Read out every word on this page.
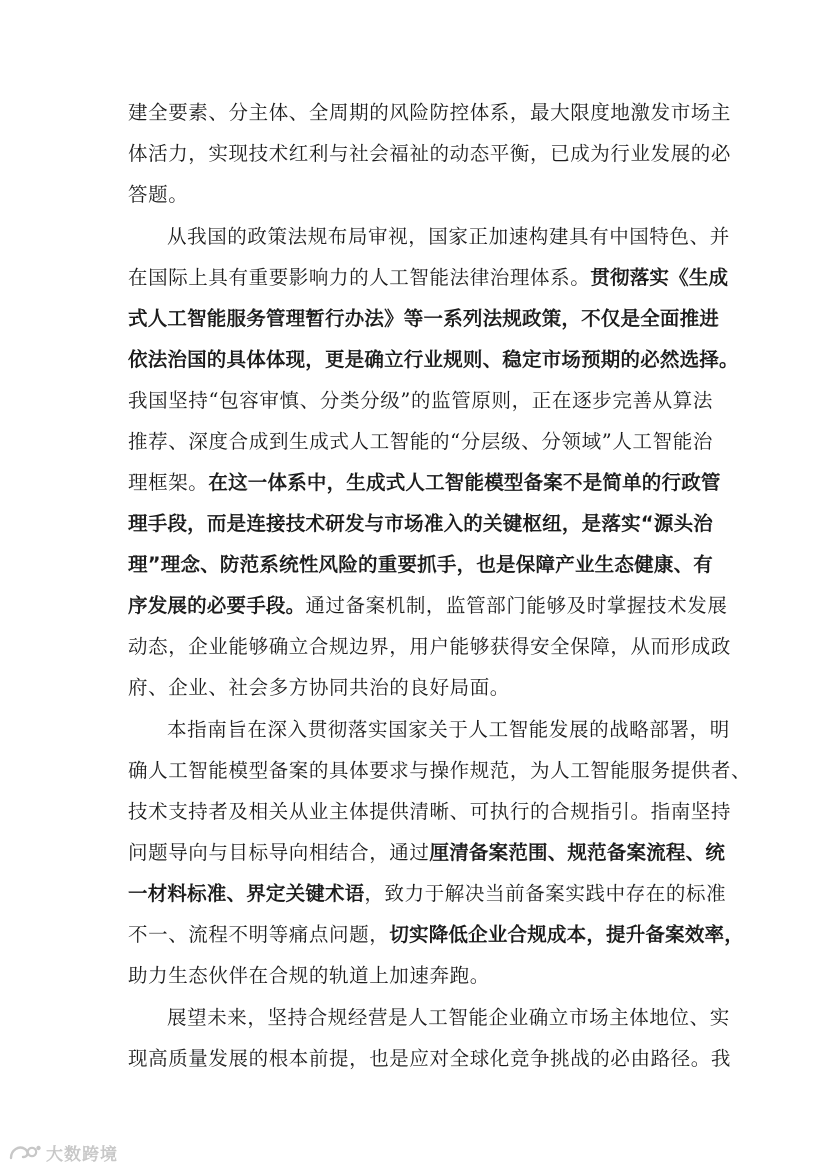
建全要素、分主体、全周期的风险防控体系，最大限度地激发市场主
体活力，实现技术红利与社会福祉的动态平衡，已成为行业发展的必
答题。
从我国的政策法规布局审视，国家正加速构建具有中国特色、并
在国际上具有重要影响力的人工智能法律治理体系。贯彻落实《生成
式人工智能服务管理暂行办法》等一系列法规政策，不仅是全面推进
依法治国的具体体现，更是确立行业规则、稳定市场预期的必然选择。
我国坚持“包容审慎、分类分级”的监管原则，正在逐步完善从算法
推荐、深度合成到生成式人工智能的“分层级、分领域”人工智能治
理框架。在这一体系中，生成式人工智能模型备案不是简单的行政管
理手段，而是连接技术研发与市场准入的关键枢纽，是落实“源头治
理”理念、防范系统性风险的重要抓手，也是保障产业生态健康、有
序发展的必要手段。通过备案机制，监管部门能够及时掌握技术发展
动态，企业能够确立合规边界，用户能够获得安全保障，从而形成政
府、企业、社会多方协同共治的良好局面。
本指南旨在深入贯彻落实国家关于人工智能发展的战略部署，明
确人工智能模型备案的具体要求与操作规范，为人工智能服务提供者、
技术支持者及相关从业主体提供清晰、可执行的合规指引。指南坚持
问题导向与目标导向相结合，通过厘清备案范围、规范备案流程、统
一材料标准、界定关键术语，致力于解决当前备案实践中存在的标准
不一、流程不明等痛点问题，切实降低企业合规成本，提升备案效率，
助力生态伙伴在合规的轨道上加速奔跑。
展望未来，坚持合规经营是人工智能企业确立市场主体地位、实
现高质量发展的根本前提，也是应对全球化竞争挑战的必由路径。我
大数跨境
